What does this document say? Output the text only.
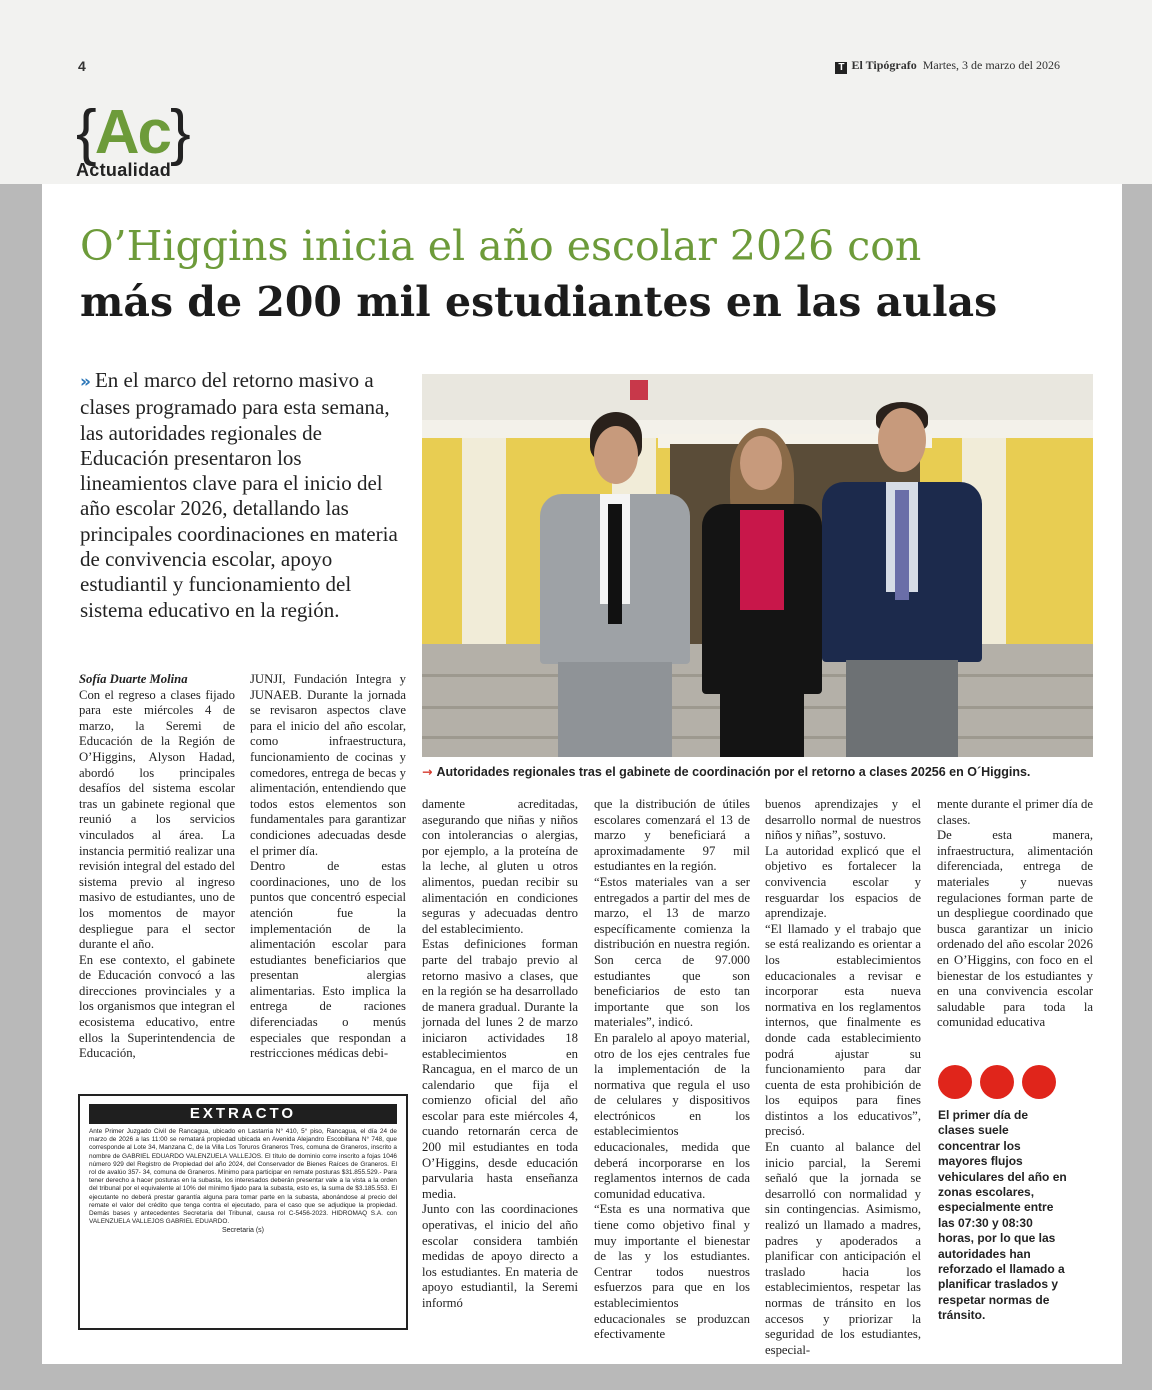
4	T El Tipógrafo Martes, 3 de marzo del 2026
{Ac}
Actualidad
O’Higgins inicia el año escolar 2026 con
más de 200 mil estudiantes en las aulas
» En el marco del retorno masivo a clases programado para esta semana, las autoridades regionales de Educación presentaron los lineamientos clave para el inicio del año escolar 2026, detallando las principales coordinaciones en materia de convivencia escolar, apoyo estudiantil y funcionamiento del sistema educativo en la región.
→ Autoridades regionales tras el gabinete de coordinación por el retorno a clases 20256 en O´Higgins.

Sofía Duarte Molina

Con el regreso a clases fijado para este miércoles 4 de marzo, la Seremi de Educación de la Región de O’Higgins, Alyson Hadad, abordó los principales desafíos del sistema escolar tras un gabinete regional que reunió a los servicios vinculados al área. La instancia permitió realizar una revisión integral del estado del sistema previo al ingreso masivo de estudiantes, uno de los momentos de mayor despliegue para el sector durante el año.

En ese contexto, el gabinete de Educación convocó a las direcciones provinciales y a los organismos que integran el ecosistema educativo, entre ellos la Superintendencia de Educación,

JUNJI, Fundación Integra y JUNAEB. Durante la jornada se revisaron aspectos clave para el inicio del año escolar, como infraestructura, funcionamiento de cocinas y comedores, entrega de becas y alimentación, entendiendo que todos estos elementos son fundamentales para garantizar condiciones adecuadas desde el primer día.

Dentro de estas coordinaciones, uno de los puntos que concentró especial atención fue la implementación de la alimentación escolar para estudiantes beneficiarios que presentan alergias alimentarias. Esto implica la entrega de raciones diferenciadas o menús especiales que respondan a restricciones médicas debi-

damente acreditadas, asegurando que niñas y niños con intolerancias o alergias, por ejemplo, a la proteína de la leche, al gluten u otros alimentos, puedan recibir su alimentación en condiciones seguras y adecuadas dentro del establecimiento.

Estas definiciones forman parte del trabajo previo al retorno masivo a clases, que en la región se ha desarrollado de manera gradual. Durante la jornada del lunes 2 de marzo iniciaron actividades 18 establecimientos en Rancagua, en el marco de un calendario que fija el comienzo oficial del año escolar para este miércoles 4, cuando retornarán cerca de 200 mil estudiantes en toda O’Higgins, desde educación parvularia hasta enseñanza media.

Junto con las coordinaciones operativas, el inicio del año escolar considera también medidas de apoyo directo a los estudiantes. En materia de apoyo estudiantil, la Seremi informó

que la distribución de útiles escolares comenzará el 13 de marzo y beneficiará a aproximadamente 97 mil estudiantes en la región.

“Estos materiales van a ser entregados a partir del mes de marzo, el 13 de marzo específicamente comienza la distribución en nuestra región. Son cerca de 97.000 estudiantes que son beneficiarios de esto tan importante que son los materiales”, indicó.

En paralelo al apoyo material, otro de los ejes centrales fue la implementación de la normativa que regula el uso de celulares y dispositivos electrónicos en los establecimientos educacionales, medida que deberá incorporarse en los reglamentos internos de cada comunidad educativa.

“Esta es una normativa que tiene como objetivo final y muy importante el bienestar de las y los estudiantes. Centrar todos nuestros esfuerzos para que en los establecimientos educacionales se produzcan efectivamente

buenos aprendizajes y el desarrollo normal de nuestros niños y niñas”, sostuvo.

La autoridad explicó que el objetivo es fortalecer la convivencia escolar y resguardar los espacios de aprendizaje.

“El llamado y el trabajo que se está realizando es orientar a los establecimientos educacionales a revisar e incorporar esta nueva normativa en los reglamentos internos, que finalmente es donde cada establecimiento podrá ajustar su funcionamiento para dar cuenta de esta prohibición de los equipos para fines distintos a los educativos”, precisó.

En cuanto al balance del inicio parcial, la Seremi señaló que la jornada se desarrolló con normalidad y sin contingencias. Asimismo, realizó un llamado a madres, padres y apoderados a planificar con anticipación el traslado hacia los establecimientos, respetar las normas de tránsito en los accesos y priorizar la seguridad de los estudiantes, especial-

mente durante el primer día de clases.

De esta manera, infraestructura, alimentación diferenciada, entrega de materiales y nuevas regulaciones forman parte de un despliegue coordinado que busca garantizar un inicio ordenado del año escolar 2026 en O’Higgins, con foco en el bienestar de los estudiantes y en una convivencia escolar saludable para toda la comunidad educativa

El primer día de clases suele concentrar los mayores flujos vehiculares del año en zonas escolares, especialmente entre las 07:30 y 08:30 horas, por lo que las autoridades han reforzado el llamado a planificar traslados y respetar normas de tránsito.
EXTRACTO
Ante Primer Juzgado Civil de Rancagua, ubicado en Lastarria N° 410, 5° piso, Rancagua, el día 24 de marzo de 2026 a las 11:00 se rematará propiedad ubicada en Avenida Alejandro Escobillana N° 748, que corresponde al Lote 34, Manzana C, de la Villa Los Toruros Graneros Tres, comuna de Graneros, inscrito a nombre de GABRIEL EDUARDO VALENZUELA VALLEJOS. El título de dominio corre inscrito a fojas 1046 número 929 del Registro de Propiedad del año 2024, del Conservador de Bienes Raíces de Graneros. El rol de avalúo 357- 34, comuna de Graneros. Mínimo para participar en remate posturas $31.855.529.- Para tener derecho a hacer posturas en la subasta, los interesados deberán presentar vale a la vista a la orden del tribunal por el equivalente al 10% del mínimo fijado para la subasta, esto es, la suma de $3.185.553. El ejecutante no deberá prestar garantía alguna para tomar parte en la subasta, abonándose al precio del remate el valor del crédito que tenga contra el ejecutado, para el caso que se adjudique la propiedad. Demás bases y antecedentes Secretaría del Tribunal, causa rol C-5456-2023. HIDROMAQ S.A. con VALENZUELA VALLEJOS GABRIEL EDUARDO.
Secretaria (s)
